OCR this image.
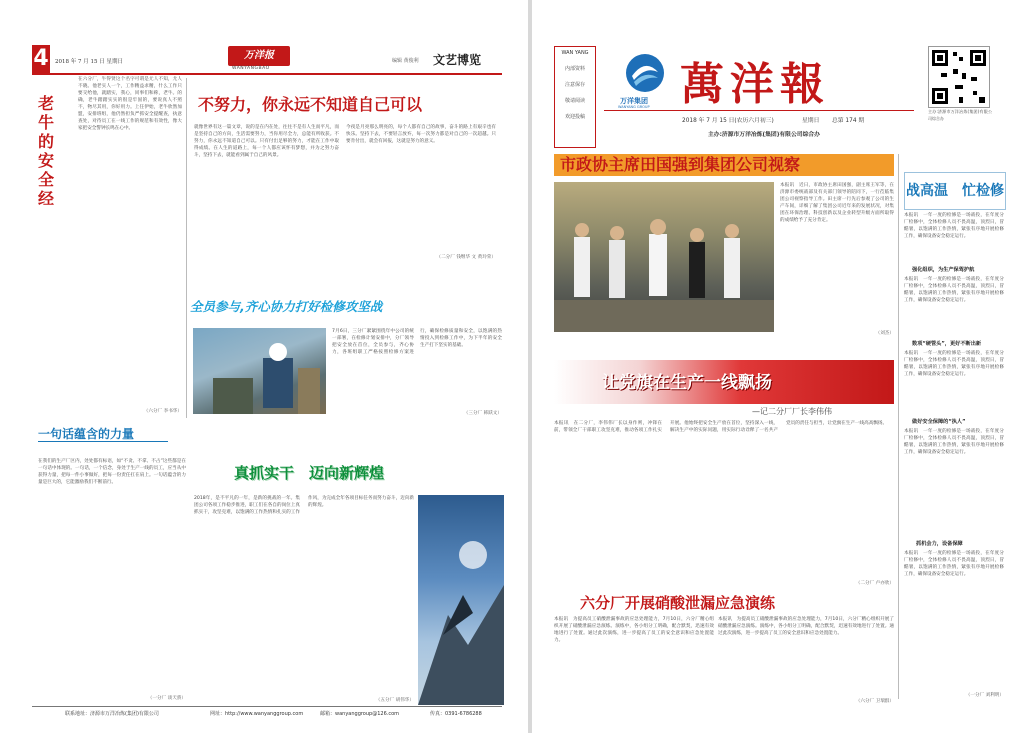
4 2018 年 7 月 15 日 星期日
万洋报
WANYANGBAO
编辑 黄俊利 文艺博览
老牛的安全经
在六分厂，牛得贤这个名字可谓是尤人不知，尤人不晓。他老实人一个，工作精益求精，什么工作只要交给他，就踏实，我心，同事们和称，老牛。的确，老牛踏踏实实的很是牢固的，要说真人不照不，物尽其用，你好用力。上任伊始，老牛欣然加盟，安排班组，他仍然担负严抓安全提醒查，执意查处，对待员工在一线工作的规范和有效性，像大家把安全警钟长鸣在心中。
（六分厂 李书华）
不努力，你永远不知道自己可以
就像世界有这一篇文章，说的是在内在处，往往不是有人生而平凡，而是坚持自己的方向，生活需要努力，当你用尽全力，总能有所收获。不努力，你永远不知道自己可以。只有付出足够的努力，才能在工作中取得成绩。在人生的道路上，每一个人都应该怀有梦想，并为之努力奋斗，坚持下去，就能看到属于自己的风景。
今夜是月亮那么明亮的，每个人都有自己的故事，奋斗的路上有艰辛也有快乐。坚持下去，不要轻言放弃，每一次努力都是对自己的一次超越。只要肯付出，就会有回报，这就是努力的意义。
（二分厂 钱继华 文 黄玲荣）
全员参与,齐心协力打好检修攻坚战
7月6日，三分厂紧紧围绕年中公司的统一部署，在检修计划安排中，分厂领导把安全放在首位，全员参与，齐心协力，各班组职工严格按照检修方案进行，确保检修质量和安全，以饱满的热情投入到检修工作中，为下半年的安全生产打下坚实的基础。
（三分厂 韩跃文）
一句话蕴含的力量
在我们的生产厂区内，处处都有标语，如“不贪、不拿、不占”这些都是在一句话中体现的。一句话，一个信念，身处于生产一线的员工，应当从中获得力量，把每一件小事做好，把每一份责任扛在肩上。一句话蕴含的力量是巨大的，它能激励我们不断前行。
（一分厂 谈天骄）
真抓实干　迈向新辉煌
2018年，是不平凡的一年，是新的挑战的一年。集团公司各项工作稳步推进，职工们在各自的岗位上真抓实干，攻坚克难，以饱满的工作热情和扎实的工作作风，为完成全年各项目标任务而努力奋斗，迈向新的辉煌。
（五分厂 胡伟华）
联系地址：济源市万洋冶炼(集团)有限公司	网址：http://www.wanyanggroup.com	邮箱：wanyanggroup@126.com	传真：0391-6786288
WAN YANG
内部资料
注意保存
敬请阅读
欢迎投稿
万洋集团
WANYANG GROUP 萬洋報
2018 年 7 月 15 日(农历六月初三)	星期日 总第 174 期
主办:济源市万洋冶炼(集团)有限公司综合办
主办:济源市万洋冶炼(集团)有限公司综合办
市政协主席田国强到集团公司视察
本报讯　近日，市政协主席田国强，副主席王军等，在济源市委统战部及有关部门领导的陪同下，一行莅临集团公司视察指导工作。田主席一行先后参观了公司的生产车间，详细了解了集团公司近年来的发展状况，对集团在环保治理、科技创新以及企业转型升级方面所取得的成绩给予了充分肯定。
（刘杰）
战高温　忙检修
本报讯　一年一度的检修是一场战役，在年度分厂检修中，全体检修人员不畏高温，顶烈日，冒酷暑，以饱满的工作热情，紧张有序地开展检修工作，确保设备安全稳定运行。
强化组织，为生产保驾护航
本报讯　一年一度的检修是一场战役，在年度分厂检修中，全体检修人员不畏高温，顶烈日，冒酷暑，以饱满的工作热情，紧张有序地开展检修工作，确保设备安全稳定运行。
数项“硬管头”，更好不断出新
本报讯　一年一度的检修是一场战役，在年度分厂检修中，全体检修人员不畏高温，顶烈日，冒酷暑，以饱满的工作热情，紧张有序地开展检修工作，确保设备安全稳定运行。
做好安全保障的“执人”
本报讯　一年一度的检修是一场战役，在年度分厂检修中，全体检修人员不畏高温，顶烈日，冒酷暑，以饱满的工作热情，紧张有序地开展检修工作，确保设备安全稳定运行。
抓机会力，设备保障
本报讯　一年一度的检修是一场战役，在年度分厂检修中，全体检修人员不畏高温，顶烈日，冒酷暑，以饱满的工作热情，紧张有序地开展检修工作，确保设备安全稳定运行。
（一分厂 刘利明）
让党旗在生产一线飘扬
—记二分厂厂长李伟伟
本报讯　在二分厂，李伟伟厂长以身作则，冲锋在前，带领全厂干部职工攻坚克难，推动各项工作扎实开展。他始终把安全生产放在首位，坚持深入一线，解决生产中的实际问题，用实际行动诠释了一名共产党员的责任与担当，让党旗在生产一线高高飘扬。
（二分厂 卢亦欣）
六分厂开展硝酸泄漏应急演练
本报讯　为提高员工硝酸泄漏事故的应急处理能力，7月10日，六分厂精心组织开展了硝酸泄漏应急演练。演练中，各小组分工明确，配合默契，迅速有效地进行了处置。通过此次演练，进一步提高了员工的安全意识和应急处置能力。
本报讯　为提高员工硝酸泄漏事故的应急处理能力，7月10日，六分厂精心组织开展了硝酸泄漏应急演练。演练中，各小组分工明确，配合默契，迅速有效地进行了处置。通过此次演练，进一步提高了员工的安全意识和应急处置能力。
（六分厂 卫瑞群）
